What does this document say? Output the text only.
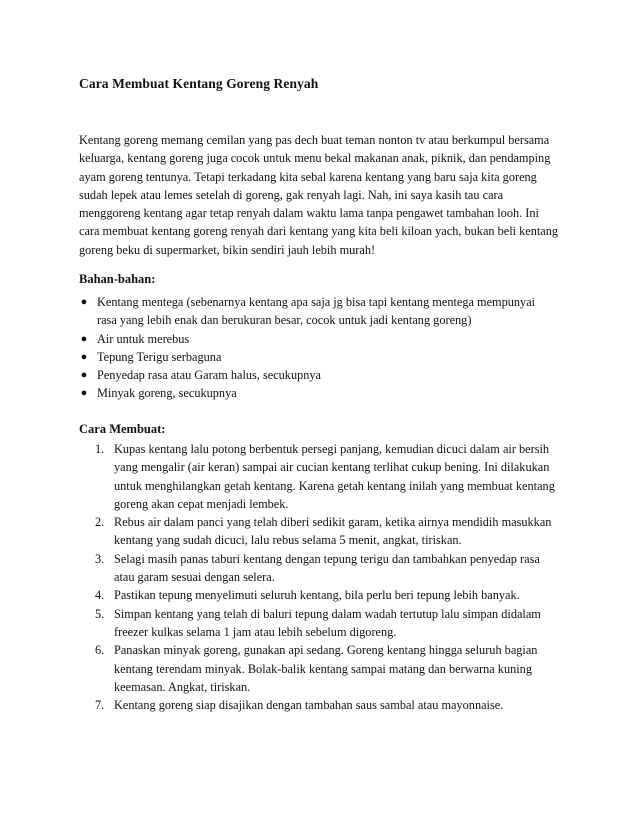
Cara Membuat Kentang Goreng Renyah
Kentang goreng memang cemilan yang pas dech buat teman nonton tv atau berkumpul bersama
keluarga, kentang goreng juga cocok untuk menu bekal makanan anak, piknik, dan pendamping
ayam goreng tentunya. Tetapi terkadang kita sebal karena kentang yang baru saja kita goreng
sudah lepek atau lemes setelah di goreng, gak renyah lagi. Nah, ini saya kasih tau cara
menggoreng kentang agar tetap renyah dalam waktu lama tanpa pengawet tambahan looh. Ini
cara membuat kentang goreng renyah dari kentang yang kita beli kiloan yach, bukan beli kentang
goreng beku di supermarket, bikin sendiri jauh lebih murah!
Bahan-bahan:
● Kentang mentega (sebenarnya kentang apa saja jg bisa tapi kentang mentega mempunyai
rasa yang lebih enak dan berukuran besar, cocok untuk jadi kentang goreng)
● Air untuk merebus
● Tepung Terigu serbaguna
● Penyedap rasa atau Garam halus, secukupnya
● Minyak goreng, secukupnya
Cara Membuat:
1. Kupas kentang lalu potong berbentuk persegi panjang, kemudian dicuci dalam air bersih
yang mengalir (air keran) sampai air cucian kentang terlihat cukup bening. Ini dilakukan
untuk menghilangkan getah kentang. Karena getah kentang inilah yang membuat kentang
goreng akan cepat menjadi lembek.
2. Rebus air dalam panci yang telah diberi sedikit garam, ketika airnya mendidih masukkan
kentang yang sudah dicuci, lalu rebus selama 5 menit, angkat, tiriskan.
3. Selagi masih panas taburi kentang dengan tepung terigu dan tambahkan penyedap rasa
atau garam sesuai dengan selera.
4. Pastikan tepung menyelimuti seluruh kentang, bila perlu beri tepung lebih banyak.
5. Simpan kentang yang telah di baluri tepung dalam wadah tertutup lalu simpan didalam
freezer kulkas selama 1 jam atau lebih sebelum digoreng.
6. Panaskan minyak goreng, gunakan api sedang. Goreng kentang hingga seluruh bagian
kentang terendam minyak. Bolak-balik kentang sampai matang dan berwarna kuning
keemasan. Angkat, tiriskan.
7. Kentang goreng siap disajikan dengan tambahan saus sambal atau mayonnaise.
